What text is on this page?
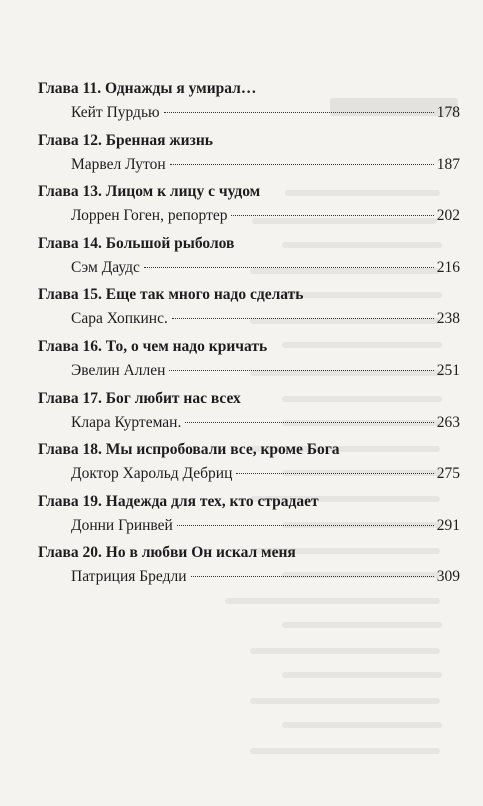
Глава 11. Однажды я умирал…
Кейт Пурдью	178
Глава 12. Бренная жизнь
Марвел Лутон	187
Глава 13. Лицом к лицу с чудом
Лоррен Гоген, репортер	202
Глава 14. Большой рыболов
Сэм Даудс	216
Глава 15. Еще так много надо сделать
Сара Хопкинс.	238
Глава 16. То, о чем надо кричать
Эвелин Аллен	251
Глава 17. Бог любит нас всех
Клара Куртеман.	263
Глава 18. Мы испробовали все, кроме Бога
Доктор Харольд Дебриц	275
Глава 19. Надежда для тех, кто страдает
Донни Гринвей	291
Глава 20. Но в любви Он искал меня
Патриция Бредли	309
